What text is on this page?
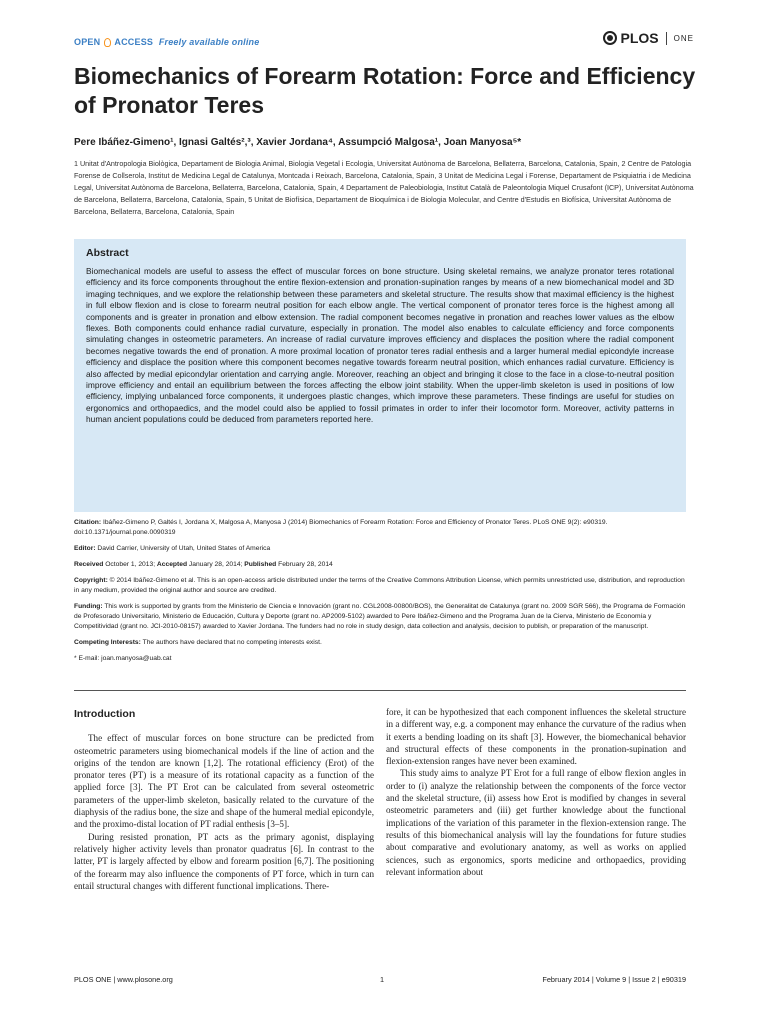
OPEN ACCESS Freely available online	PLOS ONE
Biomechanics of Forearm Rotation: Force and Efficiency of Pronator Teres
Pere Ibáñez-Gimeno¹, Ignasi Galtés²,³, Xavier Jordana⁴, Assumpció Malgosa¹, Joan Manyosa⁵*

1 Unitat d'Antropologia Biològica, Departament de Biologia Animal, Biologia Vegetal i Ecologia, Universitat Autònoma de Barcelona, Bellaterra, Barcelona, Catalonia, Spain, 2 Centre de Patologia Forense de Collserola, Institut de Medicina Legal de Catalunya, Montcada i Reixach, Barcelona, Catalonia, Spain, 3 Unitat de Medicina Legal i Forense, Departament de Psiquiatria i de Medicina Legal, Universitat Autònoma de Barcelona, Bellaterra, Barcelona, Catalonia, Spain, 4 Departament de Paleobiologia, Institut Català de Paleontologia Miquel Crusafont (ICP), Universitat Autònoma de Barcelona, Bellaterra, Barcelona, Catalonia, Spain, 5 Unitat de Biofísica, Departament de Bioquímica i de Biologia Molecular, and Centre d'Estudis en Biofísica, Universitat Autònoma de Barcelona, Bellaterra, Barcelona, Catalonia, Spain

Abstract

Biomechanical models are useful to assess the effect of muscular forces on bone structure. Using skeletal remains, we analyze pronator teres rotational efficiency and its force components throughout the entire flexion-extension and pronation-supination ranges by means of a new biomechanical model and 3D imaging techniques, and we explore the relationship between these parameters and skeletal structure. The results show that maximal efficiency is the highest in full elbow flexion and is close to forearm neutral position for each elbow angle. The vertical component of pronator teres force is the highest among all components and is greater in pronation and elbow extension. The radial component becomes negative in pronation and reaches lower values as the elbow flexes. Both components could enhance radial curvature, especially in pronation. The model also enables to calculate efficiency and force components simulating changes in osteometric parameters. An increase of radial curvature improves efficiency and displaces the position where the radial component becomes negative towards the end of pronation. A more proximal location of pronator teres radial enthesis and a larger humeral medial epicondyle increase efficiency and displace the position where this component becomes negative towards forearm neutral position, which enhances radial curvature. Efficiency is also affected by medial epicondylar orientation and carrying angle. Moreover, reaching an object and bringing it close to the face in a close-to-neutral position improve efficiency and entail an equilibrium between the forces affecting the elbow joint stability. When the upper-limb skeleton is used in positions of low efficiency, implying unbalanced force components, it undergoes plastic changes, which improve these parameters. These findings are useful for studies on ergonomics and orthopaedics, and the model could also be applied to fossil primates in order to infer their locomotor form. Moreover, activity patterns in human ancient populations could be deduced from parameters reported here.

Citation: Ibáñez-Gimeno P, Galtés I, Jordana X, Malgosa A, Manyosa J (2014) Biomechanics of Forearm Rotation: Force and Efficiency of Pronator Teres. PLoS ONE 9(2): e90319. doi:10.1371/journal.pone.0090319

Editor: David Carrier, University of Utah, United States of America

Received October 1, 2013; Accepted January 28, 2014; Published February 28, 2014

Copyright: © 2014 Ibáñez-Gimeno et al. This is an open-access article distributed under the terms of the Creative Commons Attribution License, which permits unrestricted use, distribution, and reproduction in any medium, provided the original author and source are credited.

Funding: This work is supported by grants from the Ministerio de Ciencia e Innovación (grant no. CGL2008-00800/BOS), the Generalitat de Catalunya (grant no. 2009 SGR 566), the Programa de Formación de Profesorado Universitario, Ministerio de Educación, Cultura y Deporte (grant no. AP2009-5102) awarded to Pere Ibáñez-Gimeno and the Programa Juan de la Cierva, Ministerio de Economía y Competitividad (grant no. JCI-2010-08157) awarded to Xavier Jordana. The funders had no role in study design, data collection and analysis, decision to publish, or preparation of the manuscript.

Competing Interests: The authors have declared that no competing interests exist.

* E-mail: joan.manyosa@uab.cat

Introduction

The effect of muscular forces on bone structure can be predicted from osteometric parameters using biomechanical models if the line of action and the origins of the tendon are known [1,2]. The rotational efficiency (Erot) of the pronator teres (PT) is a measure of its rotational capacity as a function of the applied force [3]. The PT Erot can be calculated from several osteometric parameters of the upper-limb skeleton, basically related to the curvature of the diaphysis of the radius bone, the size and shape of the humeral medial epicondyle, and the proximo-distal location of PT radial enthesis [3–5].

During resisted pronation, PT acts as the primary agonist, displaying relatively higher activity levels than pronator quadratus [6]. In contrast to the latter, PT is largely affected by elbow and forearm position [6,7]. The positioning of the forearm may also influence the components of PT force, which in turn can entail structural changes with different functional implications. There-

fore, it can be hypothesized that each component influences the skeletal structure in a different way, e.g. a component may enhance the curvature of the radius when it exerts a bending loading on its shaft [3]. However, the biomechanical behavior and structural effects of these components in the pronation-supination and flexion-extension ranges have never been examined.

This study aims to analyze PT Erot for a full range of elbow flexion angles in order to (i) analyze the relationship between the components of the force vector and the skeletal structure, (ii) assess how Erot is modified by changes in several osteometric parameters and (iii) get further knowledge about the functional implications of the variation of this parameter in the flexion-extension range. The results of this biomechanical analysis will lay the foundations for future studies about comparative and evolutionary anatomy, as well as works on applied sciences, such as ergonomics, sports medicine and orthopaedics, providing relevant information about

PLOS ONE | www.plosone.org	1	February 2014 | Volume 9 | Issue 2 | e90319
